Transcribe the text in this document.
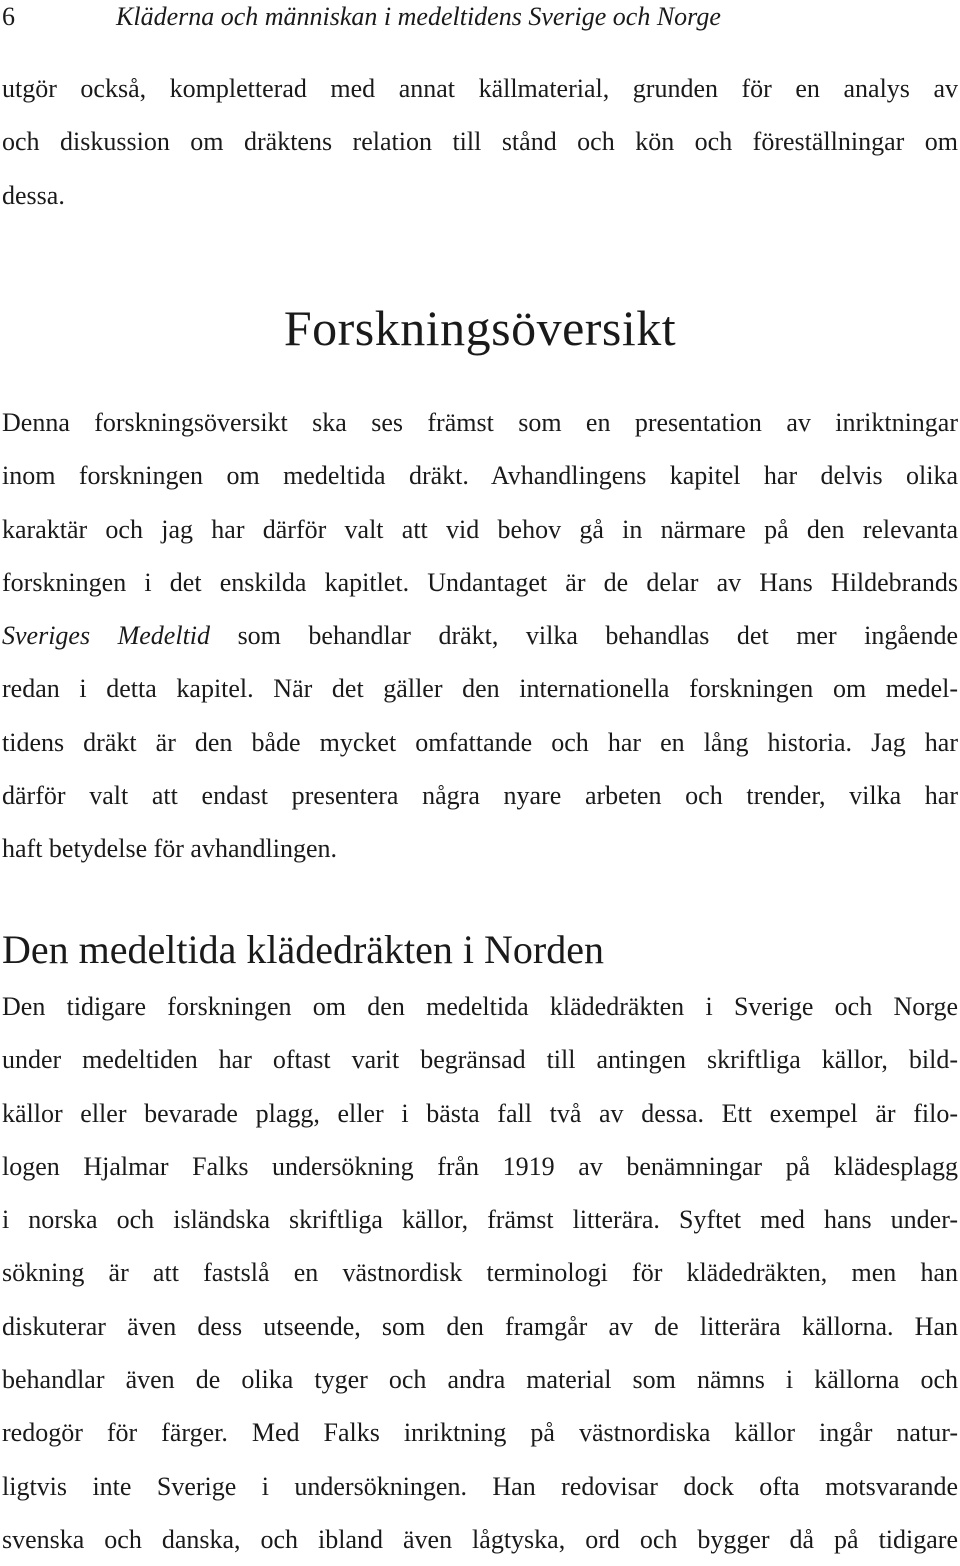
6	Kläderna och människan i medeltidens Sverige och Norge
utgör också, kompletterad med annat källmaterial, grunden för en analys av
och diskussion om dräktens relation till stånd och kön och föreställningar om
dessa.
Forskningsöversikt
Denna forskningsöversikt ska ses främst som en presentation av inriktningar
inom forskningen om medeltida dräkt. Avhandlingens kapitel har delvis olika
karaktär och jag har därför valt att vid behov gå in närmare på den relevanta
forskningen i det enskilda kapitlet. Undantaget är de delar av Hans Hildebrands
Sveriges Medeltid som behandlar dräkt, vilka behandlas det mer ingående
redan i detta kapitel. När det gäller den internationella forskningen om medel-
tidens dräkt är den både mycket omfattande och har en lång historia. Jag har
därför valt att endast presentera några nyare arbeten och trender, vilka har
haft betydelse för avhandlingen.
Den medeltida klädedräkten i Norden
Den tidigare forskningen om den medeltida klädedräkten i Sverige och Norge
under medeltiden har oftast varit begränsad till antingen skriftliga källor, bild-
källor eller bevarade plagg, eller i bästa fall två av dessa. Ett exempel är filo-
logen Hjalmar Falks undersökning från 1919 av benämningar på klädesplagg
i norska och isländska skriftliga källor, främst litterära. Syftet med hans under-
sökning är att fastslå en västnordisk terminologi för klädedräkten, men han
diskuterar även dess utseende, som den framgår av de litterära källorna. Han
behandlar även de olika tyger och andra material som nämns i källorna och
redogör för färger. Med Falks inriktning på västnordiska källor ingår natur-
ligtvis inte Sverige i undersökningen. Han redovisar dock ofta motsvarande
svenska och danska, och ibland även lågtyska, ord och bygger då på tidigare
